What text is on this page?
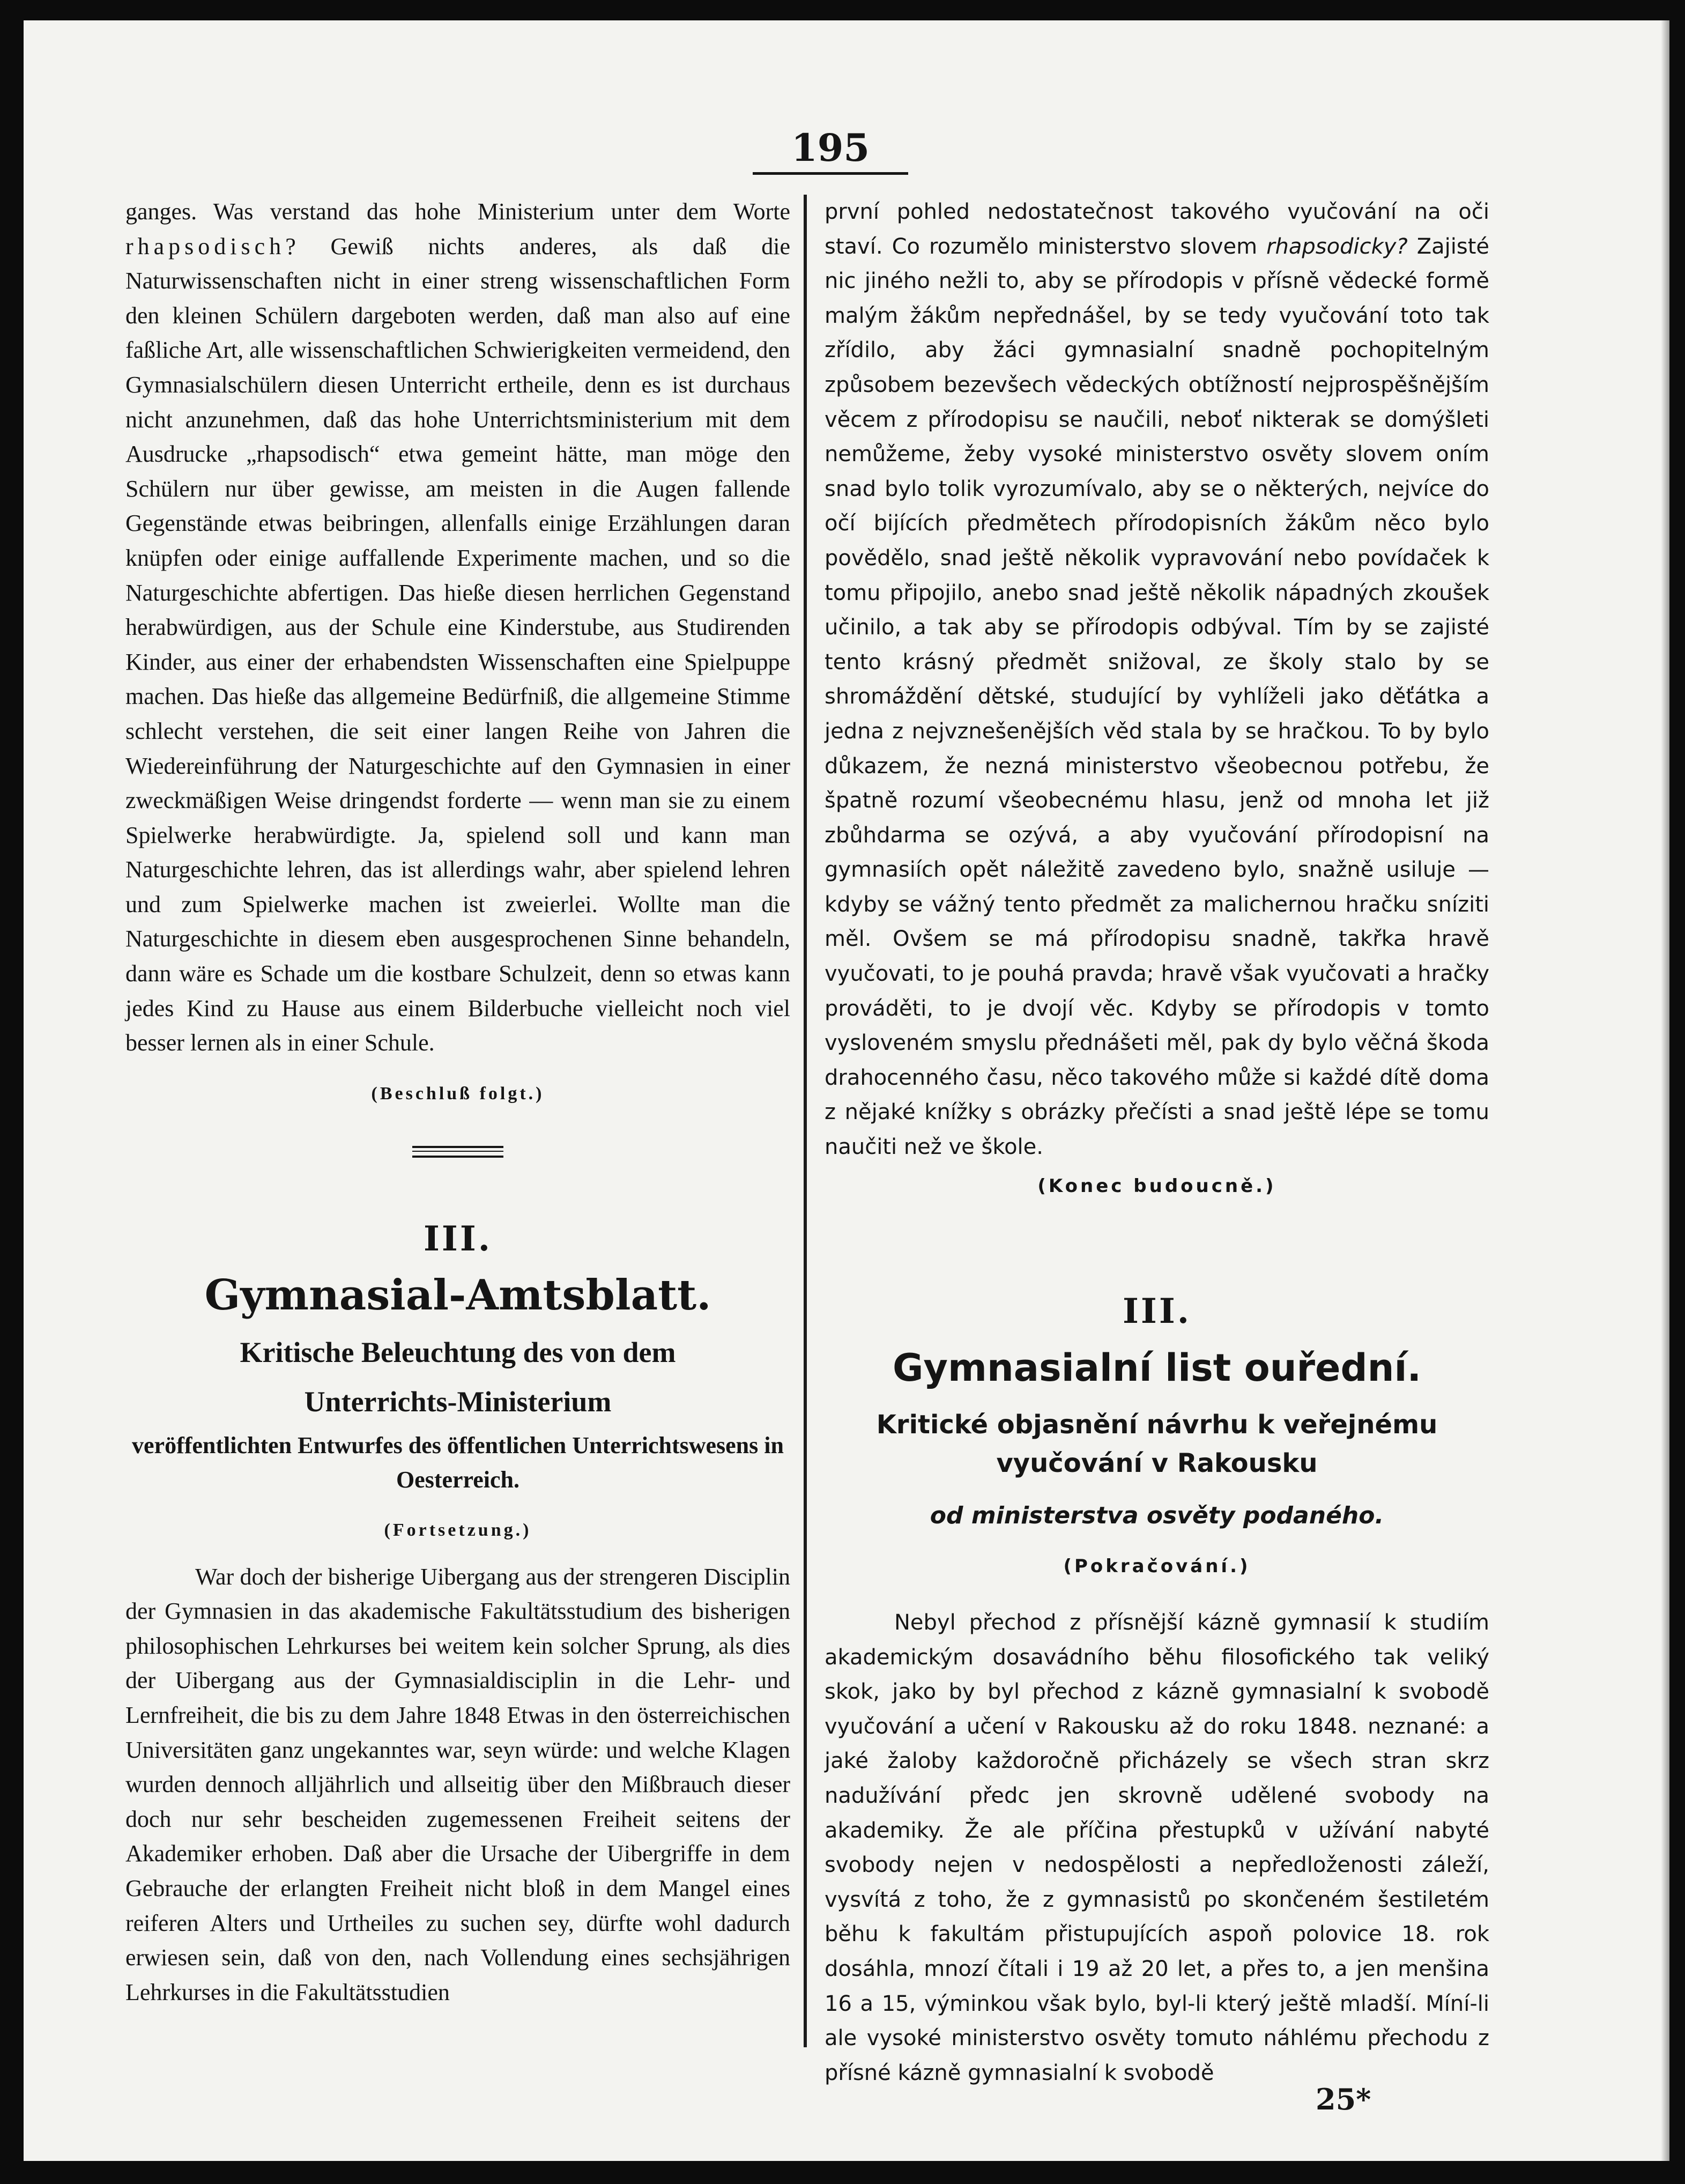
195

ganges. Was verstand das hohe Ministerium unter dem Worte rhapsodisch? Gewiß nichts anderes, als daß die Naturwissenschaften nicht in einer streng wissenschaftlichen Form den kleinen Schülern dargeboten werden, daß man also auf eine faßliche Art, alle wissenschaftlichen Schwierigkeiten vermeidend, den Gymnasialschülern diesen Unterricht ertheile, denn es ist durchaus nicht anzunehmen, daß das hohe Unterrichtsministerium mit dem Ausdrucke „rhapsodisch“ etwa gemeint hätte, man möge den Schülern nur über gewisse, am meisten in die Augen fallende Gegenstände etwas beibringen, allenfalls einige Erzählungen daran knüpfen oder einige auffallende Experimente machen, und so die Naturgeschichte abfertigen. Das hieße diesen herrlichen Gegenstand herabwürdigen, aus der Schule eine Kinderstube, aus Studirenden Kinder, aus einer der erhabendsten Wissenschaften eine Spielpuppe machen. Das hieße das allgemeine Bedürfniß, die allgemeine Stimme schlecht verstehen, die seit einer langen Reihe von Jahren die Wiedereinführung der Naturgeschichte auf den Gymnasien in einer zweckmäßigen Weise dringendst forderte — wenn man sie zu einem Spielwerke herabwürdigte. Ja, spielend soll und kann man Naturgeschichte lehren, das ist allerdings wahr, aber spielend lehren und zum Spielwerke machen ist zweierlei. Wollte man die Naturgeschichte in diesem eben ausgesprochenen Sinne behandeln, dann wäre es Schade um die kostbare Schulzeit, denn so etwas kann jedes Kind zu Hause aus einem Bilderbuche vielleicht noch viel besser lernen als in einer Schule.

(Beschluß folgt.)
III.
Gymnasial-Amtsblatt.
Kritische Beleuchtung des von dem
Unterrichts-Ministerium
veröffentlichten Entwurfes des öffentlichen Unterrichtswesens in Oesterreich.
(Fortsetzung.)

War doch der bisherige Uibergang aus der strengeren Disciplin der Gymnasien in das akademische Fakultätsstudium des bisherigen philosophischen Lehrkurses bei weitem kein solcher Sprung, als dies der Uibergang aus der Gymnasialdisciplin in die Lehr- und Lernfreiheit, die bis zu dem Jahre 1848 Etwas in den österreichischen Universitäten ganz ungekanntes war, seyn würde: und welche Klagen wurden dennoch alljährlich und allseitig über den Mißbrauch dieser doch nur sehr bescheiden zugemessenen Freiheit seitens der Akademiker erhoben. Daß aber die Ursache der Uibergriffe in dem Gebrauche der erlangten Freiheit nicht bloß in dem Mangel eines reiferen Alters und Urtheiles zu suchen sey, dürfte wohl dadurch erwiesen sein, daß von den, nach Vollendung eines sechsjährigen Lehrkurses in die Fakultätsstudien

první pohled nedostatečnost takového vyučování na oči staví. Co rozumělo ministerstvo slovem rhapsodicky? Zajisté nic jiného nežli to, aby se přírodopis v přísně vědecké formě malým žákům nepřednášel, by se tedy vyučování toto tak zřídilo, aby žáci gymnasialní snadně pochopitelným způsobem bezevšech vědeckých obtížností nejprospěšnějším věcem z přírodopisu se naučili, neboť nikterak se domýšleti nemůžeme, žeby vysoké ministerstvo osvěty slovem oním snad bylo tolik vyrozumívalo, aby se o některých, nejvíce do očí bijících předmětech přírodopisních žákům něco bylo povědělo, snad ještě několik vypravování nebo povídaček k tomu připojilo, anebo snad ještě několik nápadných zkoušek učinilo, a tak aby se přírodopis odbýval. Tím by se zajisté tento krásný předmět snižoval, ze školy stalo by se shromáždění dětské, studující by vyhlíželi jako děťátka a jedna z nejvznešenějších věd stala by se hračkou. To by bylo důkazem, že nezná ministerstvo všeobecnou potřebu, že špatně rozumí všeobecnému hlasu, jenž od mnoha let již zbůhdarma se ozývá, a aby vyučování přírodopisní na gymnasiích opět náležitě zavedeno bylo, snažně usiluje — kdyby se vážný tento předmět za malichernou hračku sníziti měl. Ovšem se má přírodopisu snadně, takřka hravě vyučovati, to je pouhá pravda; hravě však vyučovati a hračky prováděti, to je dvojí věc. Kdyby se přírodopis v tomto vysloveném smyslu přednášeti měl, pak dy bylo věčná škoda drahocenného času, něco takového může si každé dítě doma z nějaké knížky s obrázky přečísti a snad ještě lépe se tomu naučiti než ve škole.

(Konec budoucně.)
III.
Gymnasialní list ouřední.
Kritické objasnění návrhu k veřejnému vyučování v Rakousku
od ministerstva osvěty podaného.
(Pokračování.)

Nebyl přechod z přísnější kázně gymnasií k studiím akademickým dosavádního běhu filosofického tak veliký skok, jako by byl přechod z kázně gymnasialní k svobodě vyučování a učení v Rakousku až do roku 1848. neznané: a jaké žaloby každoročně přicházely se všech stran skrz nadužívání předc jen skrovně udělené svobody na akademiky. Že ale příčina přestupků v užívání nabyté svobody nejen v nedospělosti a nepředloženosti záleží, vysvítá z toho, že z gymnasistů po skončeném šestiletém běhu k fakultám přistupujících aspoň polovice 18. rok dosáhla, mnozí čítali i 19 až 20 let, a přes to, a jen menšina 16 a 15, výminkou však bylo, byl-li který ještě mladší. Míní-li ale vysoké ministerstvo osvěty tomuto náhlému přechodu z přísné kázně gymnasialní k svobodě

25*
